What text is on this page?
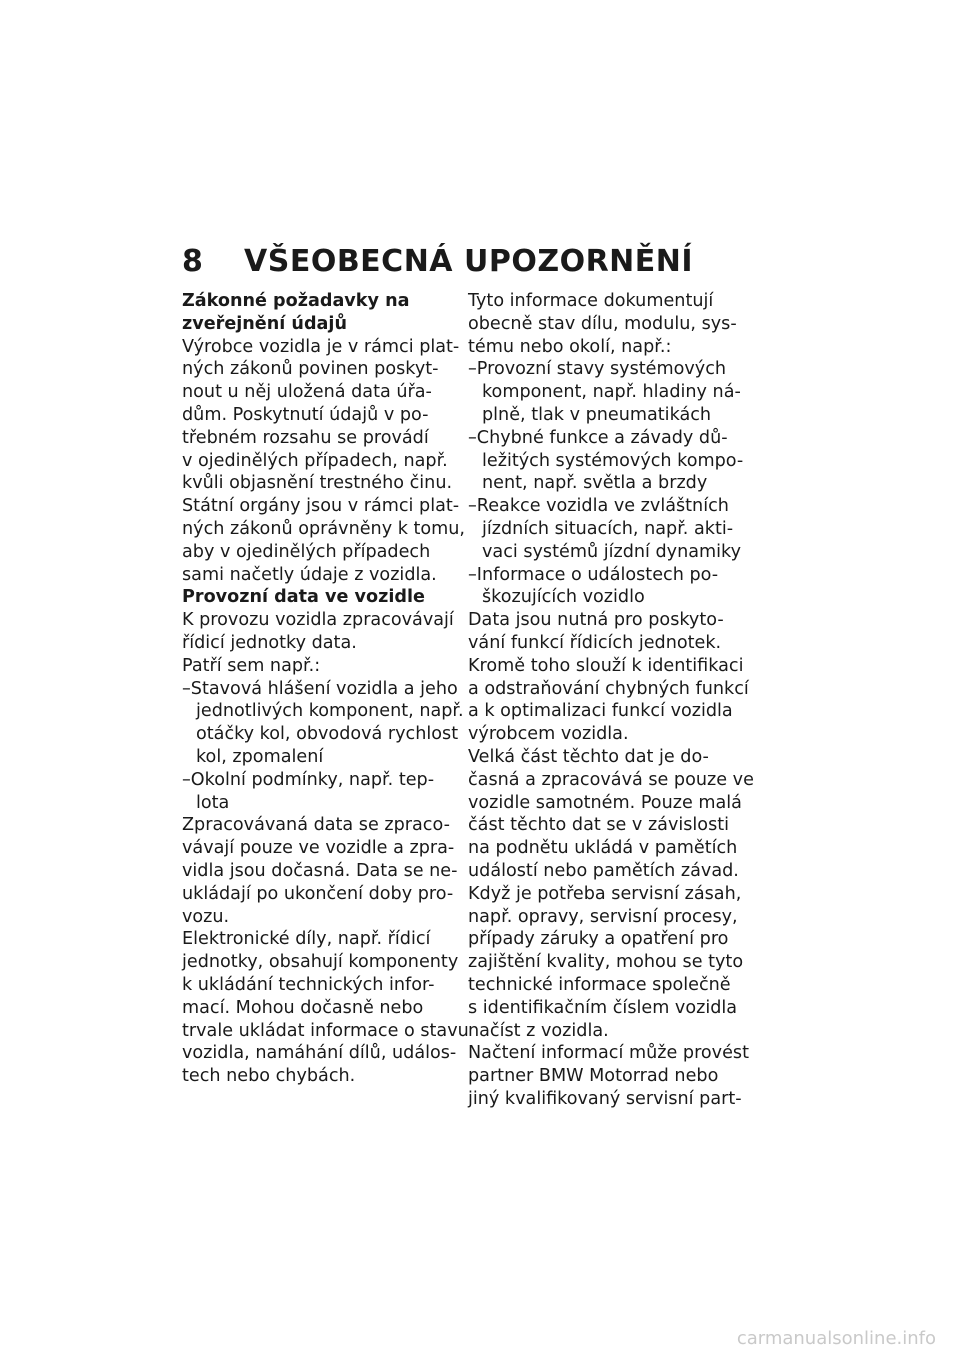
8 VŠEOBECNÁ UPOZORNĚNÍ
Zákonné požadavky na
zveřejnění údajů
Výrobce vozidla je v rámci plat-
ných zákonů povinen poskyt-
nout u něj uložená data úřa-
dům. Poskytnutí údajů v po-
třebném rozsahu se provádí
v ojedinělých případech, např.
kvůli objasnění trestného činu.
Státní orgány jsou v rámci plat-
ných zákonů oprávněny k tomu,
aby v ojedinělých případech
sami načetly údaje z vozidla.
Provozní data ve vozidle
K provozu vozidla zpracovávají
řídicí jednotky data.
Patří sem např.:
–Stavová hlášení vozidla a jeho
jednotlivých komponent, např.
otáčky kol, obvodová rychlost
kol, zpomalení
–Okolní podmínky, např. tep-
lota
Zpracovávaná data se zpraco-
vávají pouze ve vozidle a zpra-
vidla jsou dočasná. Data se ne-
ukládají po ukončení doby pro-
vozu.
Elektronické díly, např. řídicí
jednotky, obsahují komponenty
k ukládání technických infor-
mací. Mohou dočasně nebo
trvale ukládat informace o stavu
vozidla, namáhání dílů, událos-
tech nebo chybách.
Tyto informace dokumentují
obecně stav dílu, modulu, sys-
tému nebo okolí, např.:
–Provozní stavy systémových
komponent, např. hladiny ná-
plně, tlak v pneumatikách
–Chybné funkce a závady dů-
ležitých systémových kompo-
nent, např. světla a brzdy
–Reakce vozidla ve zvláštních
jízdních situacích, např. akti-
vaci systémů jízdní dynamiky
–Informace o událostech po-
škozujících vozidlo
Data jsou nutná pro poskyto-
vání funkcí řídicích jednotek.
Kromě toho slouží k identifikaci
a odstraňování chybných funkcí
a k optimalizaci funkcí vozidla
výrobcem vozidla.
Velká část těchto dat je do-
časná a zpracovává se pouze ve
vozidle samotném. Pouze malá
část těchto dat se v závislosti
na podnětu ukládá v pamětích
událostí nebo pamětích závad.
Když je potřeba servisní zásah,
např. opravy, servisní procesy,
případy záruky a opatření pro
zajištění kvality, mohou se tyto
technické informace společně
s identifikačním číslem vozidla
načíst z vozidla.
Načtení informací může provést
partner BMW Motorrad nebo
jiný kvalifikovaný servisní part-
carmanualsonline.info
